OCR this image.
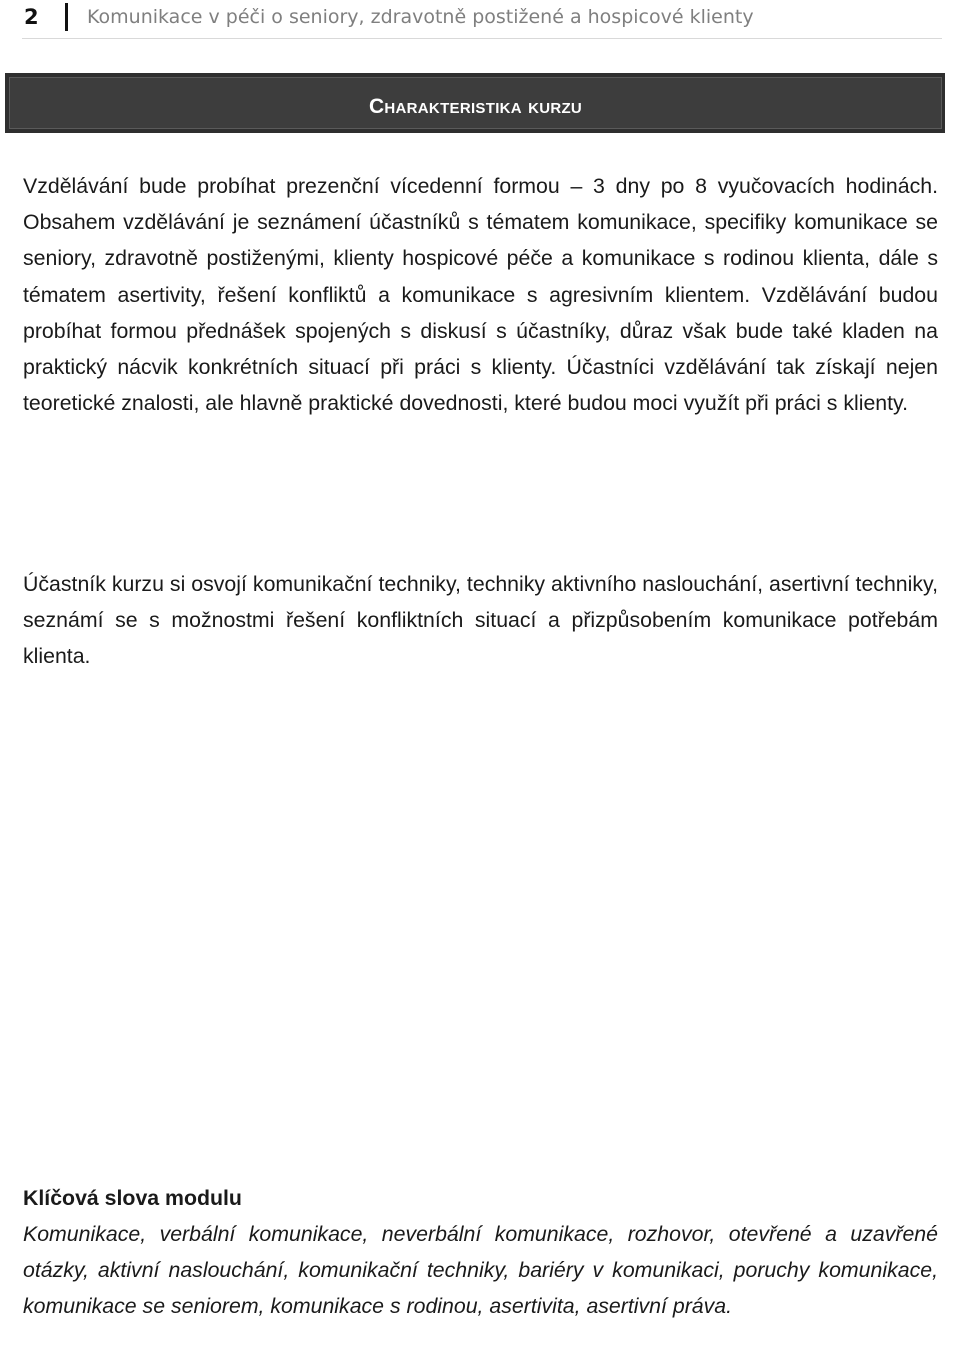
2	Komunikace v péči o seniory, zdravotně postižené a hospicové klienty
Charakteristika kurzu

Vzdělávání bude probíhat prezenční vícedenní formou – 3 dny po 8 vyučovacích hodinách. Obsahem vzdělávání je seznámení účastníků s tématem komunikace, specifiky komunikace se seniory, zdravotně postiženými, klienty hospicové péče a komunikace s rodinou klienta, dále s tématem asertivity, řešení konfliktů a komunikace s agresivním klientem. Vzdělávání budou probíhat formou přednášek spojených s diskusí s účastníky, důraz však bude také kladen na praktický nácvik konkrétních situací při práci s klienty. Účastníci vzdělávání tak získají nejen teoretické znalosti, ale hlavně praktické dovednosti, které budou moci využít při práci s klienty.

Účastník kurzu si osvojí komunikační techniky, techniky aktivního naslouchání, asertivní techniky, seznámí se s možnostmi řešení konfliktních situací a přizpůsobením komunikace potřebám klienta.

Klíčová slova modulu

Komunikace, verbální komunikace, neverbální komunikace, rozhovor, otevřené a uzavřené otázky, aktivní naslouchání, komunikační techniky, bariéry v komunikaci, poruchy komunikace, komunikace se seniorem, komunikace s rodinou, asertivita, asertivní práva.
